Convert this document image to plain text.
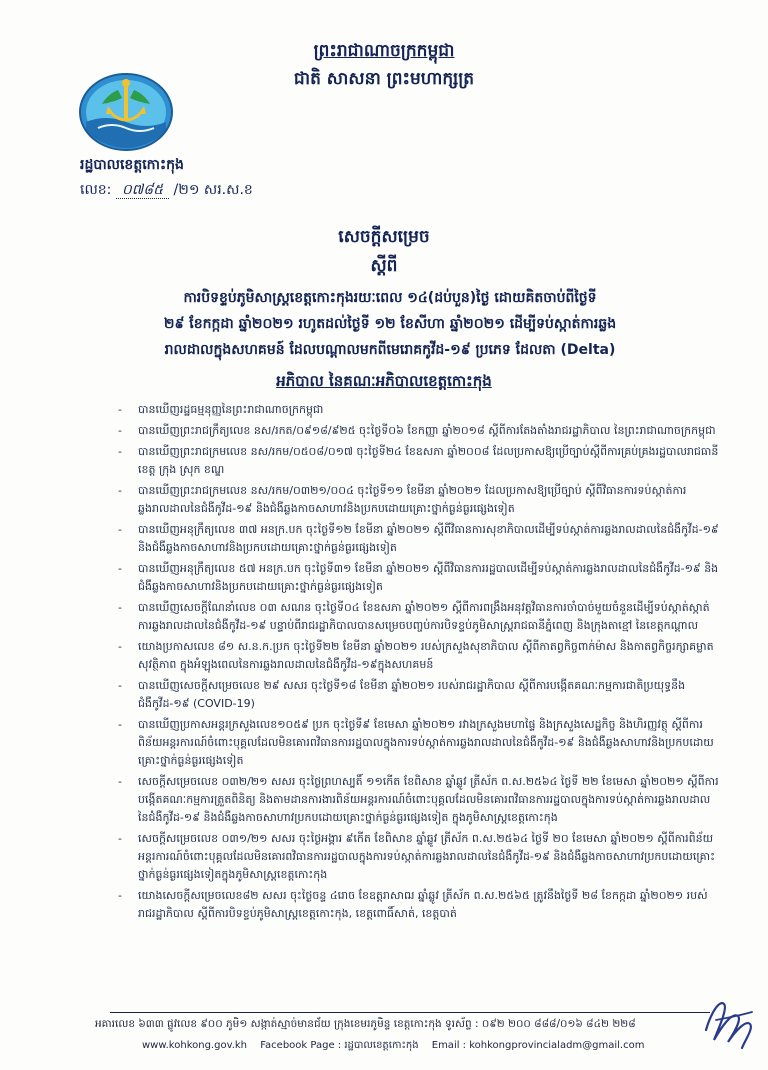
ព្រះរាជាណាចក្រកម្ពុជា
ជាតិ សាសនា ព្រះមហាក្សត្រ
រដ្ឋបាលខេត្តកោះកុង
លេខ: ០៧៨៥ /២១ សរ.ស.ខ
សេចក្ដីសម្រេច
ស្ដីពី
ការបិទខ្ទប់ភូមិសាស្ត្រខេត្តកោះកុងរយៈពេល ១៤(ដប់បួន)ថ្ងៃ ដោយគិតចាប់ពីថ្ងៃទី
២៩ ខែកក្កដា ឆ្នាំ២០២១ រហូតដល់ថ្ងៃទី ១២ ខែសីហា ឆ្នាំ២០២១ ដើម្បីទប់ស្កាត់ការឆ្លង
រាលដាលក្នុងសហគមន៍ ដែលបណ្ដាលមកពីមេរោគកូវីដ-១៩ ប្រភេទ ដែលតា (Delta)
អភិបាល នៃគណៈអភិបាលខេត្តកោះកុង
- បានឃើញរដ្ឋធម្មនុញ្ញនៃព្រះរាជាណាចក្រកម្ពុជា
- បានឃើញព្រះរាជក្រឹត្យលេខ នស/រកត/០៩១៨/៩២៥ ចុះថ្ងៃទី០៦ ខែកញ្ញា ឆ្នាំ២០១៨ ស្តីពីការតែងតាំងរាជរដ្ឋាភិបាល នៃព្រះរាជាណាចក្រកម្ពុជា
- បានឃើញព្រះរាជក្រមលេខ នស/រកម/០៥០៨/០១៧ ចុះថ្ងៃទី២៤ ខែឧសភា ឆ្នាំ២០០៨ ដែលប្រកាសឱ្យប្រើច្បាប់ស្តីពីការគ្រប់គ្រងរដ្ឋបាលរាជធានី ខេត្ត ក្រុង ស្រុក ខណ្ឌ
- បានឃើញព្រះរាជក្រមលេខ នស/រកម/០៣២១/០០៤ ចុះថ្ងៃទី១១ ខែមីនា ឆ្នាំ២០២១ ដែលប្រកាសឱ្យប្រើច្បាប់ ស្តីពីវិធានការទប់ស្កាត់ការឆ្លងរាលដាលនៃជំងឺកូវីដ-១៩ និងជំងឺឆ្លងកាចសាហាវនិងប្រកបដោយគ្រោះថ្នាក់ធ្ងន់ធ្ងរផ្សេងទៀត
- បានឃើញអនុក្រឹត្យលេខ ៣៧ អនក្រ.បក ចុះថ្ងៃទី១២ ខែមីនា ឆ្នាំ២០២១ ស្តីពីវិធានការសុខាភិបាលដើម្បីទប់ស្កាត់ការឆ្លងរាលដាលនៃជំងឺកូវីដ-១៩ និងជំងឺឆ្លងកាចសាហាវនិងប្រកបដោយគ្រោះថ្នាក់ធ្ងន់ធ្ងរផ្សេងទៀត
- បានឃើញអនុក្រឹត្យលេខ ៥៧ អនក្រ.បក ចុះថ្ងៃទី៣១ ខែមីនា ឆ្នាំ២០២១ ស្តីពីវិធានការរដ្ឋបាលដើម្បីទប់ស្កាត់ការឆ្លងរាលដាលនៃជំងឺកូវីដ-១៩ និងជំងឺឆ្លងកាចសាហាវនិងប្រកបដោយគ្រោះថ្នាក់ធ្ងន់ធ្ងរផ្សេងទៀត
- បានឃើញសេចក្តីណែនាំលេខ ០៣ សណន ចុះថ្ងៃទី០៤ ខែឧសភា ឆ្នាំ២០២១ ស្តីពីការពង្រឹងអនុវត្តវិធានការចាំបាច់មួយចំនួនដើម្បីទប់ស្កាត់ស្កាត់ការឆ្លងរាលដាលនៃជំងឺកូវីដ-១៩ បន្ទាប់ពីរាជរដ្ឋាភិបាលបានសម្រេចបញ្ចប់ការបិទខ្ទប់ភូមិសាស្ត្ររាជធានីភ្នំពេញ និងក្រុងតាខ្មៅ នៃខេត្តកណ្តាល
- យោងប្រកាសលេខ ៨១ ស.ន.ក.ប្រក ចុះថ្ងៃទី២២ ខែមីនា ឆ្នាំ២០២១ របស់ក្រសួងសុខាភិបាល ស្តីពីកាតព្វកិច្ចពាក់ម៉ាស និងកាតព្វកិច្ចរក្សាគម្លាតសុវត្ថិភាព ក្នុងអំឡុងពេលនៃការឆ្លងរាលដាលនៃជំងឺកូវីដ-១៩ក្នុងសហគមន៍
- បានឃើញសេចក្តីសម្រេចលេខ ២៩ សសរ ចុះថ្ងៃទី១៨ ខែមីនា ឆ្នាំ២០២១ របស់រាជរដ្ឋាភិបាល ស្តីពីការបង្កើតគណៈកម្មការជាតិប្រយុទ្ធនឹងជំងឺកូវីដ-១៩ (COVID-19)
- បានឃើញប្រកាសអន្តរក្រសួងលេខ១០៥៩ ប្រក ចុះថ្ងៃទី៩ ខែមេសា ឆ្នាំ២០២១ រវាងក្រសួងមហាផ្ទៃ និងក្រសួងសេដ្ឋកិច្ច និងហិរញ្ញវត្ថុ ស្តីពីការពិន័យអន្តរការណ៍ចំពោះបុគ្គលដែលមិនគោរពវិធានការរដ្ឋបាលក្នុងការទប់ស្កាត់ការឆ្លងរាលដាលនៃជំងឺកូវីដ-១៩ និងជំងឺឆ្លងសាហាវនិងប្រកបដោយគ្រោះថ្នាក់ធ្ងន់ធ្ងរផ្សេងទៀត
- សេចក្តីសម្រេចលេខ ០៣២/២១ សសរ ចុះថ្ងៃព្រហស្បតិ៍ ១១កើត ខែពិសាខ ឆ្នាំឆ្លូវ ត្រីស័ក ព.ស.២៥៦៤ ថ្ងៃទី ២២ ខែមេសា ឆ្នាំ២០២១ ស្តីពីការបង្កើតគណៈកម្មការត្រួតពិនិត្យ និងតាមដានការងារពិន័យអន្តរការណ៍ចំពោះបុគ្គលដែលមិនគោរពវិធានការរដ្ឋបាលក្នុងការទប់ស្កាត់ការឆ្លងរាលដាលនៃជំងឺកូវីដ-១៩ និងជំងឺឆ្លងកាចសាហាវប្រកបដោយគ្រោះថ្នាក់ធ្ងន់ធ្ងរផ្សេងទៀត ក្នុងភូមិសាស្ត្រខេត្តកោះកុង
- សេចក្តីសម្រេចលេខ ០៣១/២១ សសរ ចុះថ្ងៃអង្គារ ៩កើត ខែពិសាខ ឆ្នាំឆ្លូវ ត្រីស័ក ព.ស.២៥៦៤ ថ្ងៃទី ២០ ខែមេសា ឆ្នាំ២០២១ ស្តីពីការពិន័យអន្តរការណ៍ចំពោះបុគ្គលដែលមិនគោរពវិធានការរដ្ឋបាលក្នុងការទប់ស្កាត់ការឆ្លងរាលដាលនៃជំងឺកូវីដ-១៩ និងជំងឺឆ្លងកាចសាហាវប្រកបដោយគ្រោះថ្នាក់ធ្ងន់ធ្ងរផ្សេងទៀតក្នុងភូមិសាស្ត្រខេត្តកោះកុង
- យោងសេចក្តីសម្រេចលេខ៨២ សសរ ចុះថ្ងៃចន្ទ ៤រោច ខែឧត្តរាសាឍ ឆ្នាំឆ្លូវ ត្រីស័ក ព.ស.២៥៦៥ ត្រូវនឹងថ្ងៃទី ២៨ ខែកក្កដា ឆ្នាំ២០២១ របស់រាជរដ្ឋាភិបាល ស្តីពីការបិទខ្ទប់ភូមិសាស្ត្រខេត្តកោះកុង, ខេត្តពោធិ៍សាត់, ខេត្តបាត់
អគារលេខ ៦៣៣ ផ្លូវលេខ ៩០០ ភូមិ១ សង្កាត់ស្មាច់មានជ័យ ក្រុងខេមរភូមិន្ទ ខេត្តកោះកុង ទូរស័ព្ទ : ០៩២ ២០០ ៨៨៨/០១៦ ៨៤២ ២២៨
www.kohkong.gov.kh Facebook Page : រដ្ឋបាលខេត្តកោះកុង Email : kohkongprovincialadm@gmail.com
